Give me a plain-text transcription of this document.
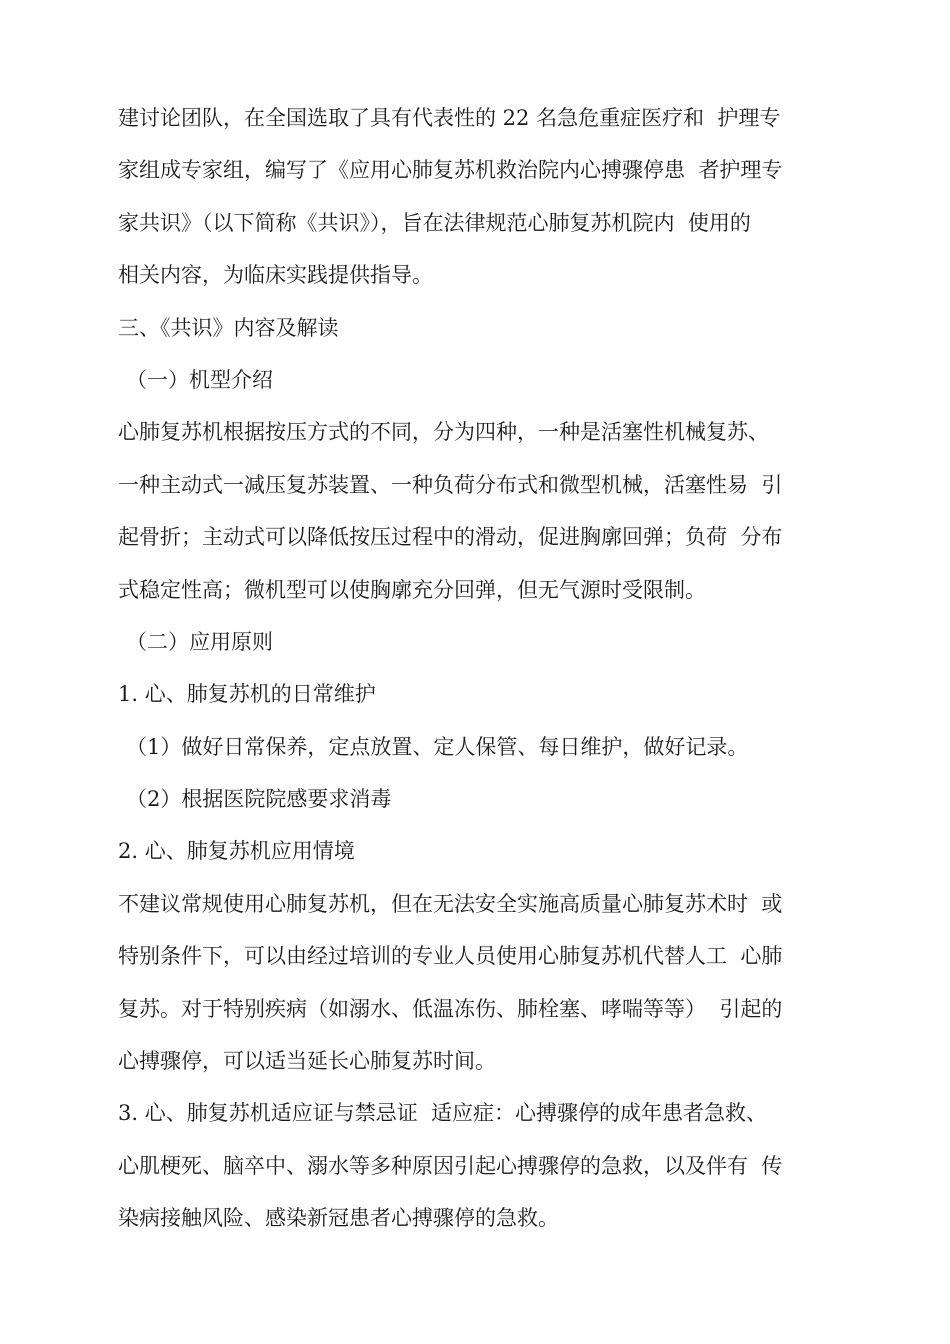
建讨论团队，在全国选取了具有代表性的 22 名急危重症医疗和  护理专
家组成专家组，编写了《应用心肺复苏机救治院内心搏骤停患  者护理专
家共识》（以下简称《共识》），旨在法律规范心肺复苏机院内  使用的
相关内容，为临床实践提供指导。
三、《共识》内容及解读
（一）机型介绍
心肺复苏机根据按压方式的不同，分为四种，一种是活塞性机械复苏、
一种主动式一减压复苏装置、一种负荷分布式和微型机械，活塞性易  引
起骨折；主动式可以降低按压过程中的滑动，促进胸廓回弹；负荷  分布
式稳定性高；微机型可以使胸廓充分回弹，但无气源时受限制。
（二）应用原则
1. 心、肺复苏机的日常维护
（1）做好日常保养，定点放置、定人保管、每日维护，做好记录。
（2）根据医院院感要求消毒
2. 心、肺复苏机应用情境
不建议常规使用心肺复苏机，但在无法安全实施高质量心肺复苏术时  或
特别条件下，可以由经过培训的专业人员使用心肺复苏机代替人工  心肺
复苏。对于特别疾病（如溺水、低温冻伤、肺栓塞、哮喘等等）  引起的
心搏骤停，可以适当延长心肺复苏时间。
3. 心、肺复苏机适应证与禁忌证  适应症：心搏骤停的成年患者急救、
心肌梗死、脑卒中、溺水等多种原因引起心搏骤停的急救，以及伴有  传
染病接触风险、感染新冠患者心搏骤停的急救。
